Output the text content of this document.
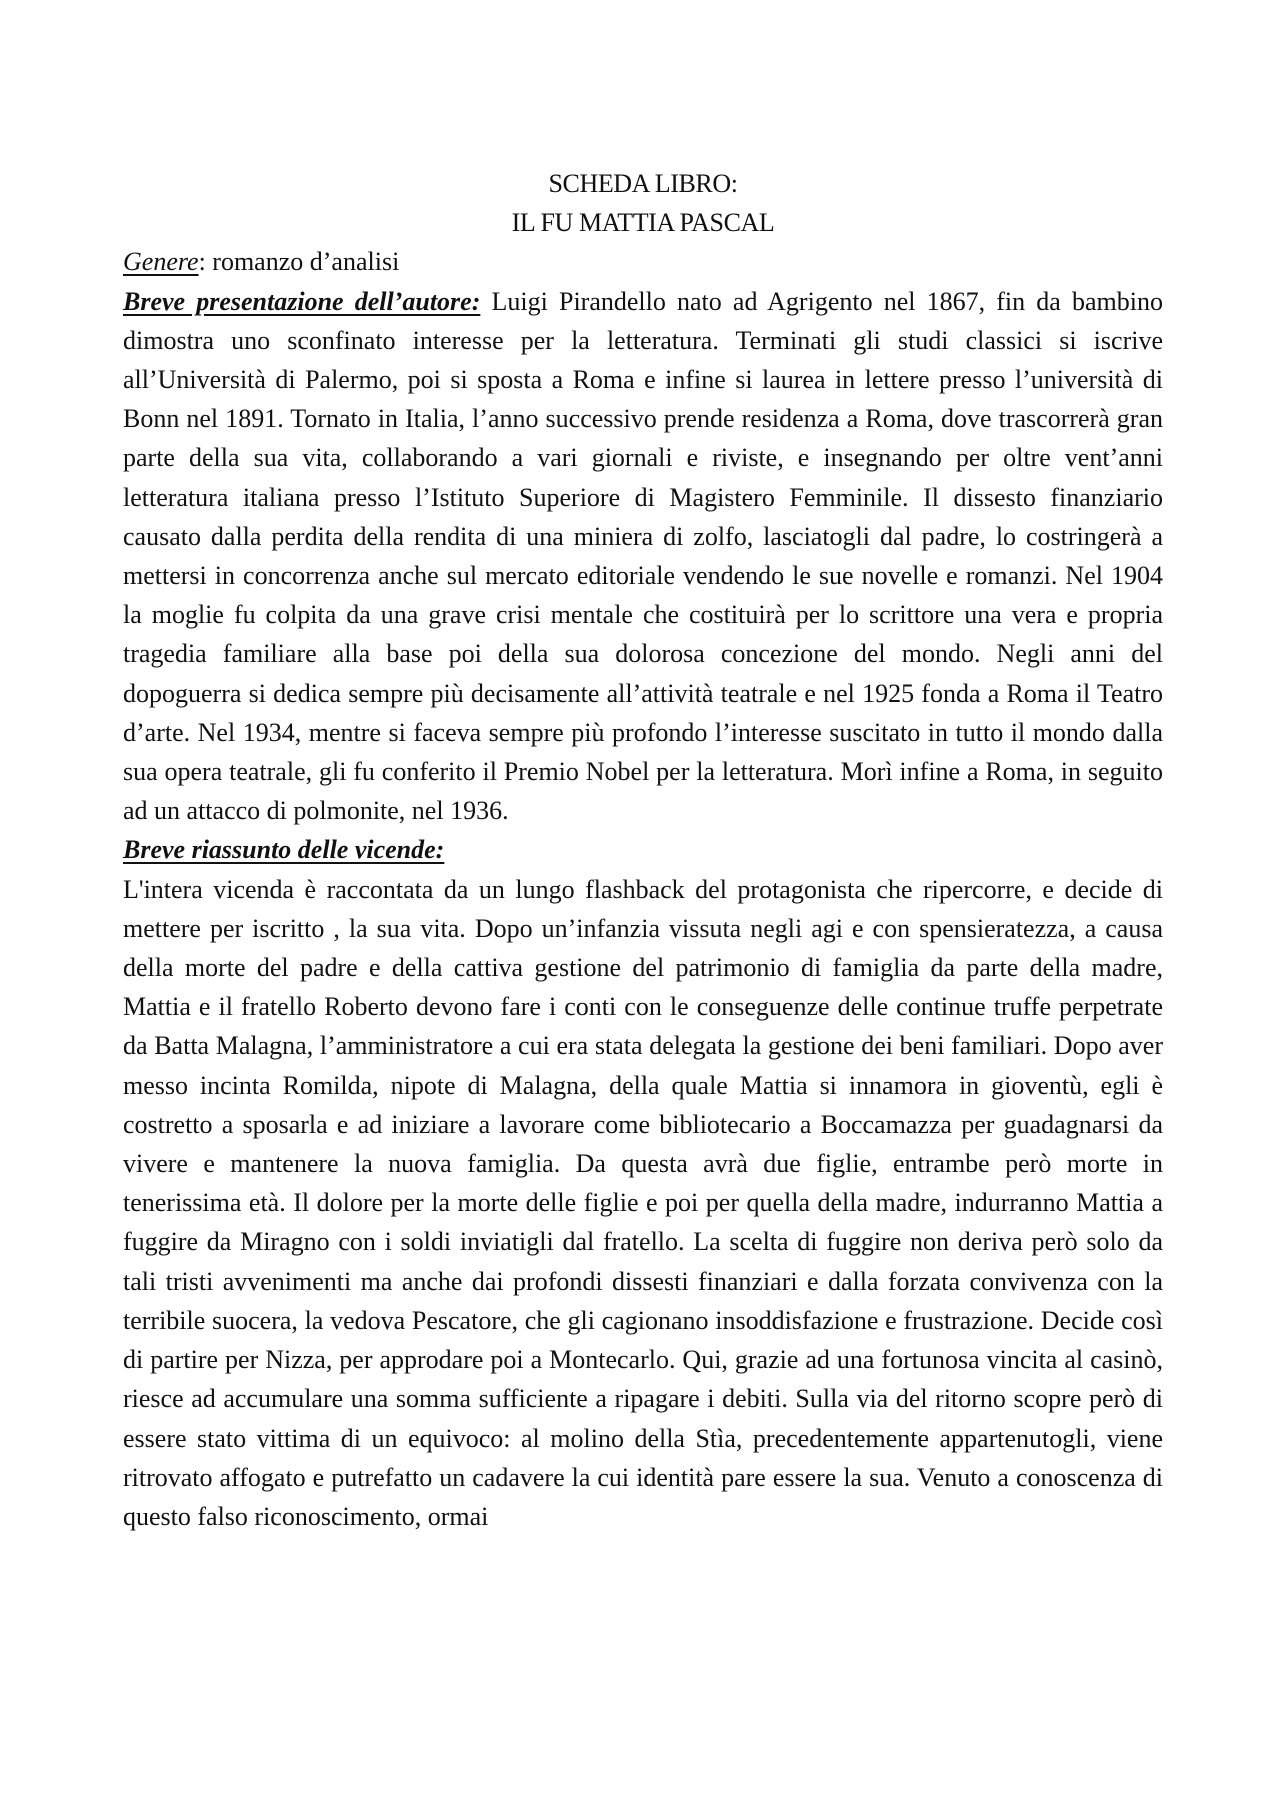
SCHEDA LIBRO:
IL FU MATTIA PASCAL
Genere: romanzo d’analisi

Breve presentazione dell’autore: Luigi Pirandello nato ad Agrigento nel 1867, fin da bambino dimostra uno sconfinato interesse per la letteratura. Terminati gli studi classici si iscrive all’Università di Palermo, poi si sposta a Roma e infine si laurea in lettere presso l’università di Bonn nel 1891. Tornato in Italia, l’anno successivo prende residenza a Roma, dove trascorrerà gran parte della sua vita, collaborando a vari giornali e riviste, e insegnando per oltre vent’anni letteratura italiana presso l’Istituto Superiore di Magistero Femminile. Il dissesto finanziario causato dalla perdita della rendita di una miniera di zolfo, lasciatogli dal padre, lo costringerà a mettersi in concorrenza anche sul mercato editoriale vendendo le sue novelle e romanzi. Nel 1904 la moglie fu colpita da una grave crisi mentale che costituirà per lo scrittore una vera e propria tragedia familiare alla base poi della sua dolorosa concezione del mondo. Negli anni del dopoguerra si dedica sempre più decisamente all’attività teatrale e nel 1925 fonda a Roma il Teatro d’arte. Nel 1934, mentre si faceva sempre più profondo l’interesse suscitato in tutto il mondo dalla sua opera teatrale, gli fu conferito il Premio Nobel per la letteratura. Morì infine a Roma, in seguito ad un attacco di polmonite, nel 1936.

Breve riassunto delle vicende:

L'intera vicenda è raccontata da un lungo flashback del protagonista che ripercorre, e decide di mettere per iscritto , la sua vita. Dopo un’infanzia vissuta negli agi e con spensieratezza, a causa della morte del padre e della cattiva gestione del patrimonio di famiglia da parte della madre, Mattia e il fratello Roberto devono fare i conti con le conseguenze delle continue truffe perpetrate da Batta Malagna, l’amministratore a cui era stata delegata la gestione dei beni familiari. Dopo aver messo incinta Romilda, nipote di Malagna, della quale Mattia si innamora in gioventù, egli è costretto a sposarla e ad iniziare a lavorare come bibliotecario a Boccamazza per guadagnarsi da vivere e mantenere la nuova famiglia. Da questa avrà due figlie, entrambe però morte in tenerissima età. Il dolore per la morte delle figlie e poi per quella della madre, indurranno Mattia a fuggire da Miragno con i soldi inviatigli dal fratello. La scelta di fuggire non deriva però solo da tali tristi avvenimenti ma anche dai profondi dissesti finanziari e dalla forzata convivenza con la terribile suocera, la vedova Pescatore, che gli cagionano insoddisfazione e frustrazione. Decide così di partire per Nizza, per approdare poi a Montecarlo. Qui, grazie ad una fortunosa vincita al casinò, riesce ad accumulare una somma sufficiente a ripagare i debiti. Sulla via del ritorno scopre però di essere stato vittima di un equivoco: al molino della Stìa, precedentemente appartenutogli, viene ritrovato affogato e putrefatto un cadavere la cui identità pare essere la sua. Venuto a conoscenza di questo falso riconoscimento, ormai
